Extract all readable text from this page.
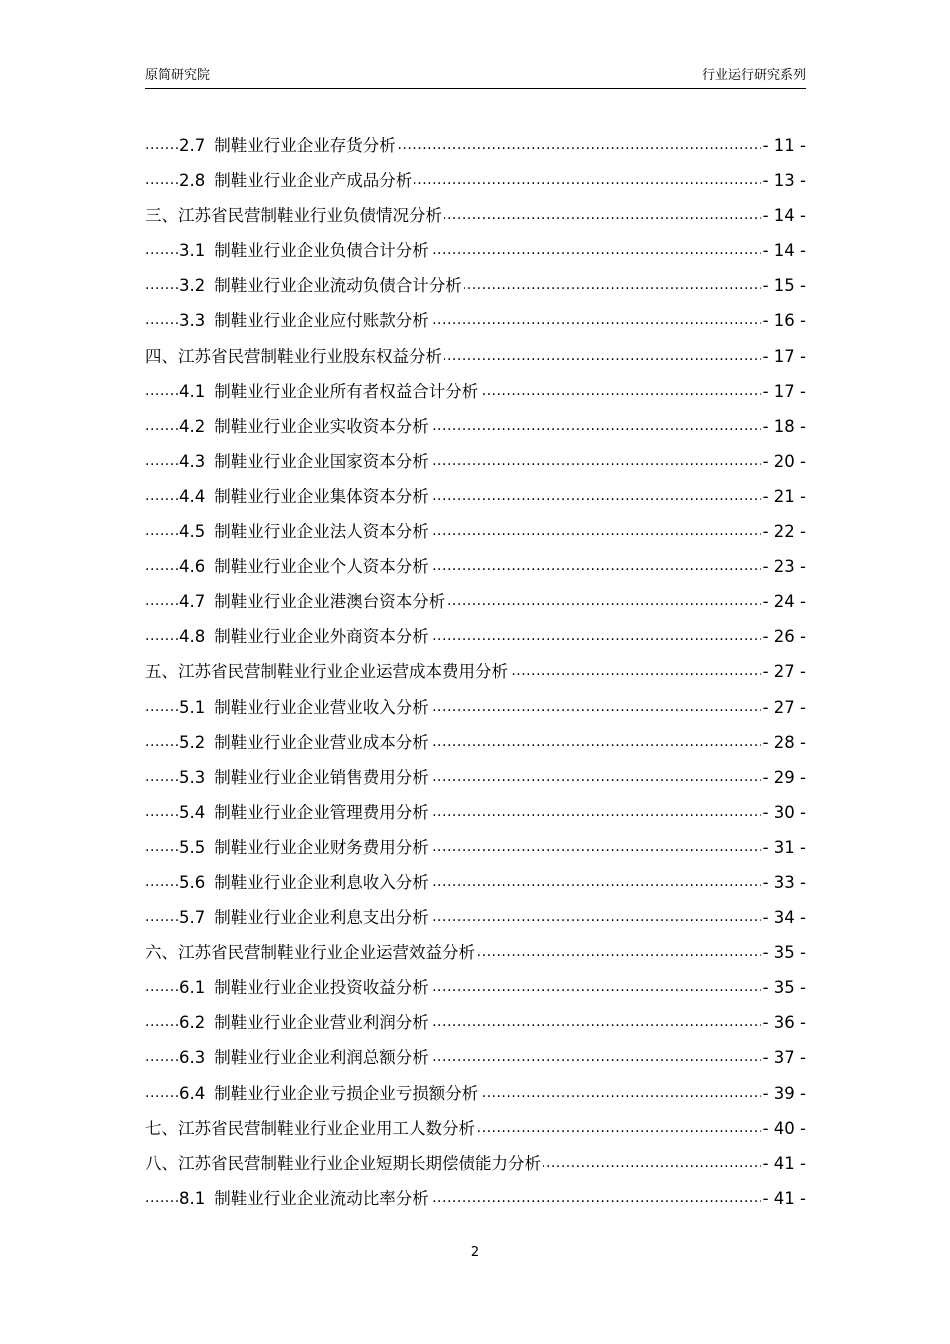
原简研究院	行业运行研究系列
.....
2.7 制鞋业行业企业存货分析	- 11 -
.....
2.8 制鞋业行业企业产成品分析	- 13 -
.....
三、江苏省民营制鞋业行业负债情况分析	- 14 -
.....
3.1 制鞋业行业企业负债合计分析	- 14 -
.....
3.2 制鞋业行业企业流动负债合计分析	- 15 -
.....
3.3 制鞋业行业企业应付账款分析	- 16 -
.....
四、江苏省民营制鞋业行业股东权益分析	- 17 -
.....
4.1 制鞋业行业企业所有者权益合计分析	- 17 -
.....
4.2 制鞋业行业企业实收资本分析	- 18 -
.....
4.3 制鞋业行业企业国家资本分析	- 20 -
.....
4.4 制鞋业行业企业集体资本分析	- 21 -
.....
4.5 制鞋业行业企业法人资本分析	- 22 -
.....
4.6 制鞋业行业企业个人资本分析	- 23 -
.....
4.7 制鞋业行业企业港澳台资本分析	- 24 -
.....
4.8 制鞋业行业企业外商资本分析	- 26 -
.....
五、江苏省民营制鞋业行业企业运营成本费用分析	- 27 -
.....
5.1 制鞋业行业企业营业收入分析	- 27 -
.....
5.2 制鞋业行业企业营业成本分析	- 28 -
.....
5.3 制鞋业行业企业销售费用分析	- 29 -
.....
5.4 制鞋业行业企业管理费用分析	- 30 -
.....
5.5 制鞋业行业企业财务费用分析	- 31 -
.....
5.6 制鞋业行业企业利息收入分析	- 33 -
.....
5.7 制鞋业行业企业利息支出分析	- 34 -
.....
六、江苏省民营制鞋业行业企业运营效益分析	- 35 -
.....
6.1 制鞋业行业企业投资收益分析	- 35 -
.....
6.2 制鞋业行业企业营业利润分析	- 36 -
.....
6.3 制鞋业行业企业利润总额分析	- 37 -
.....
6.4 制鞋业行业企业亏损企业亏损额分析	- 39 -
.....
七、江苏省民营制鞋业行业企业用工人数分析	- 40 -
.....
八、江苏省民营制鞋业行业企业短期长期偿债能力分析	- 41 -
.....
8.1 制鞋业行业企业流动比率分析	- 41 -
2
